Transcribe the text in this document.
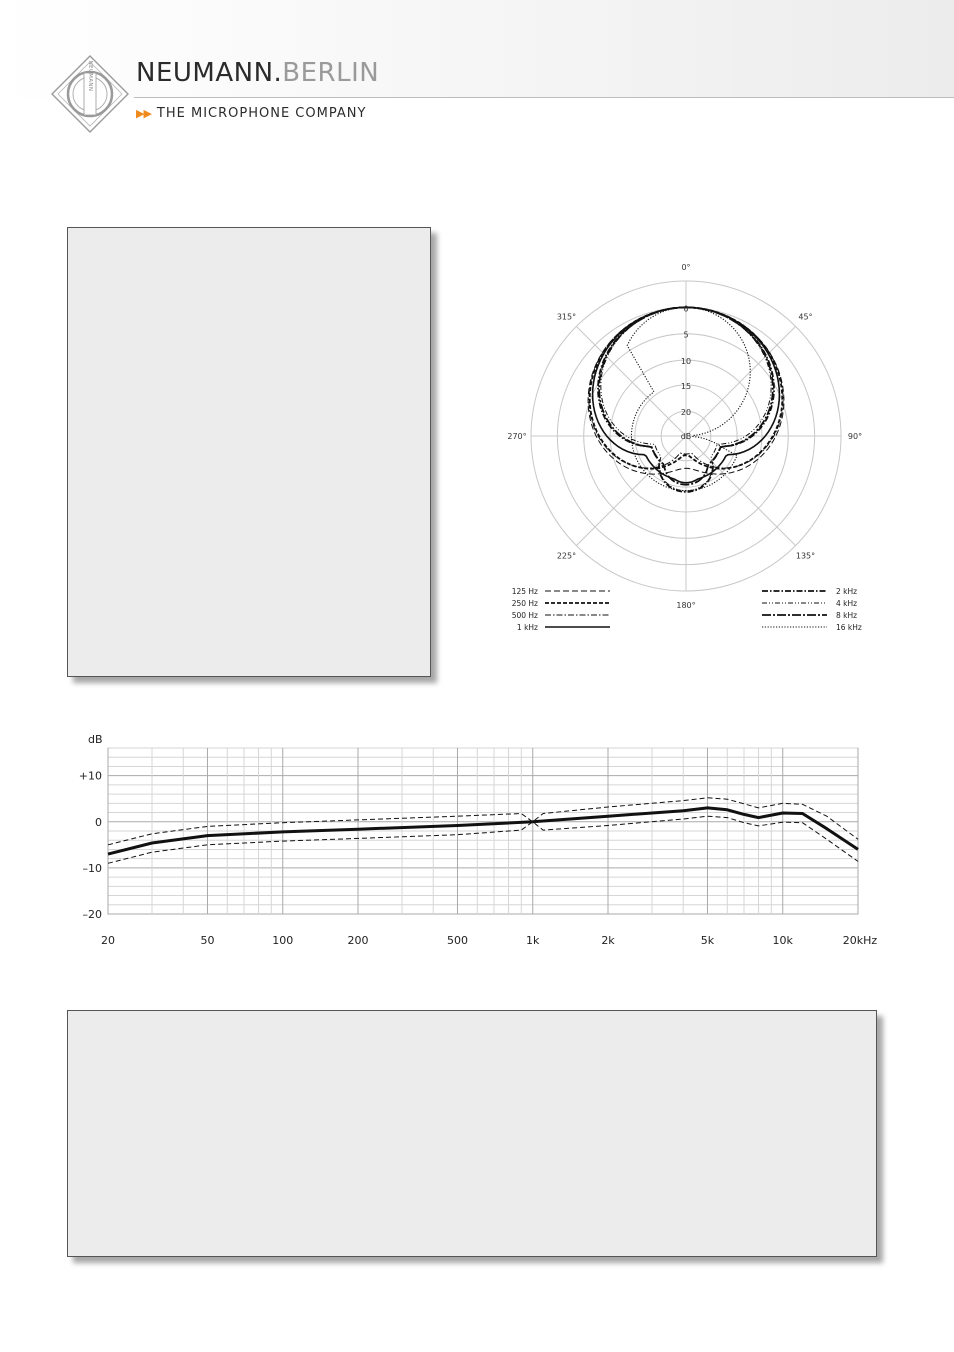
NEUMANN NEUMANN.BERLIN
▶▶ THE MICROPHONE COMPANY
0°
45°
90°
135°
180°
225°
270°
315°
0
5
10
15
20
dB
125 Hz
250 Hz
500 Hz
1 kHz
2 kHz
4 kHz
8 kHz
16 kHz
dB
+10
0
–10
–20
20	50	100	200	500	1k	2k	5k	10k	20kHz
